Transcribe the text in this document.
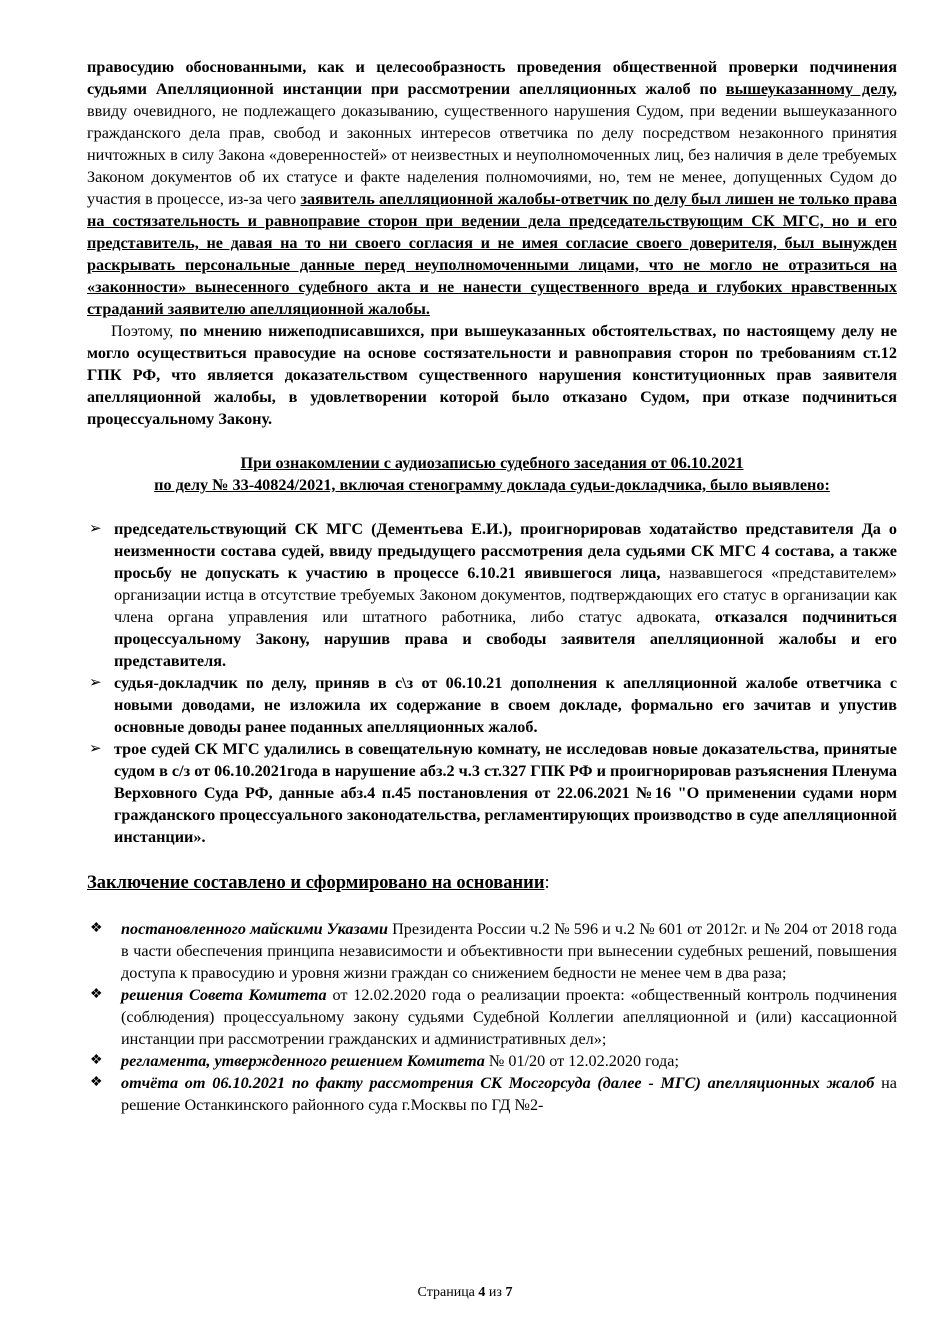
правосудию обоснованными, как и целесообразность проведения общественной проверки подчинения судьями Апелляционной инстанции при рассмотрении апелляционных жалоб по вышеуказанному делу, ввиду очевидного, не подлежащего доказыванию, существенного нарушения Судом, при ведении вышеуказанного гражданского дела прав, свобод и законных интересов ответчика по делу посредством незаконного принятия ничтожных в силу Закона «доверенностей» от неизвестных и неуполномоченных лиц, без наличия в деле требуемых Законом документов об их статусе и факте наделения полномочиями, но, тем не менее, допущенных Судом до участия в процессе, из-за чего заявитель апелляционной жалобы-ответчик по делу был лишен не только права на состязательность и равноправие сторон при ведении дела председательствующим СК МГС, но и его представитель, не давая на то ни своего согласия и не имея согласие своего доверителя, был вынужден раскрывать персональные данные перед неуполномоченными лицами, что не могло не отразиться на «законности» вынесенного судебного акта и не нанести существенного вреда и глубоких нравственных страданий заявителю апелляционной жалобы.

Поэтому, по мнению нижеподписавшихся, при вышеуказанных обстоятельствах, по настоящему делу не могло осуществиться правосудие на основе состязательности и равноправия сторон по требованиям ст.12 ГПК РФ, что является доказательством существенного нарушения конституционных прав заявителя апелляционной жалобы, в удовлетворении которой было отказано Судом, при отказе подчиниться процессуальному Закону.

При ознакомлении с аудиозаписью судебного заседания от 06.10.2021

по делу № 33-40824/2021, включая стенограмму доклада судьи-докладчика, было выявлено:

➢ председательствующий СК МГС (Дементьева Е.И.), проигнорировав ходатайство представителя Да о неизменности состава судей, ввиду предыдущего рассмотрения дела судьями СК МГС 4 состава, а также просьбу не допускать к участию в процессе 6.10.21 явившегося лица, назвавшегося «представителем» организации истца в отсутствие требуемых Законом документов, подтверждающих его статус в организации как члена органа управления или штатного работника, либо статус адвоката, отказался подчиниться процессуальному Закону, нарушив права и свободы заявителя апелляционной жалобы и его представителя.
➢ судья-докладчик по делу, приняв в с\з от 06.10.21 дополнения к апелляционной жалобе ответчика с новыми доводами, не изложила их содержание в своем докладе, формально его зачитав и упустив основные доводы ранее поданных апелляционных жалоб.
➢ трое судей СК МГС удалились в совещательную комнату, не исследовав новые доказательства, принятые судом в с/з от 06.10.2021года в нарушение абз.2 ч.3 ст.327 ГПК РФ и проигнорировав разъяснения Пленума Верховного Суда РФ, данные абз.4 п.45 постановления от 22.06.2021 №16 "О применении судами норм гражданского процессуального законодательства, регламентирующих производство в суде апелляционной инстанции».

Заключение составлено и сформировано на основании:

❖ постановленного майскими Указами Президента России ч.2 № 596 и ч.2 № 601 от 2012г. и № 204 от 2018 года в части обеспечения принципа независимости и объективности при вынесении судебных решений, повышения доступа к правосудию и уровня жизни граждан со снижением бедности не менее чем в два раза;
❖ решения Совета Комитета от 12.02.2020 года о реализации проекта: «общественный контроль подчинения (соблюдения) процессуальному закону судьями Судебной Коллегии апелляционной и (или) кассационной инстанции при рассмотрении гражданских и административных дел»;
❖ регламента, утвержденного решением Комитета № 01/20 от 12.02.2020 года;
❖ отчёта от 06.10.2021 по факту рассмотрения СК Мосгорсуда (далее - МГС) апелляционных жалоб на решение Останкинского районного суда г.Москвы по ГД №2-
Страница 4 из 7
